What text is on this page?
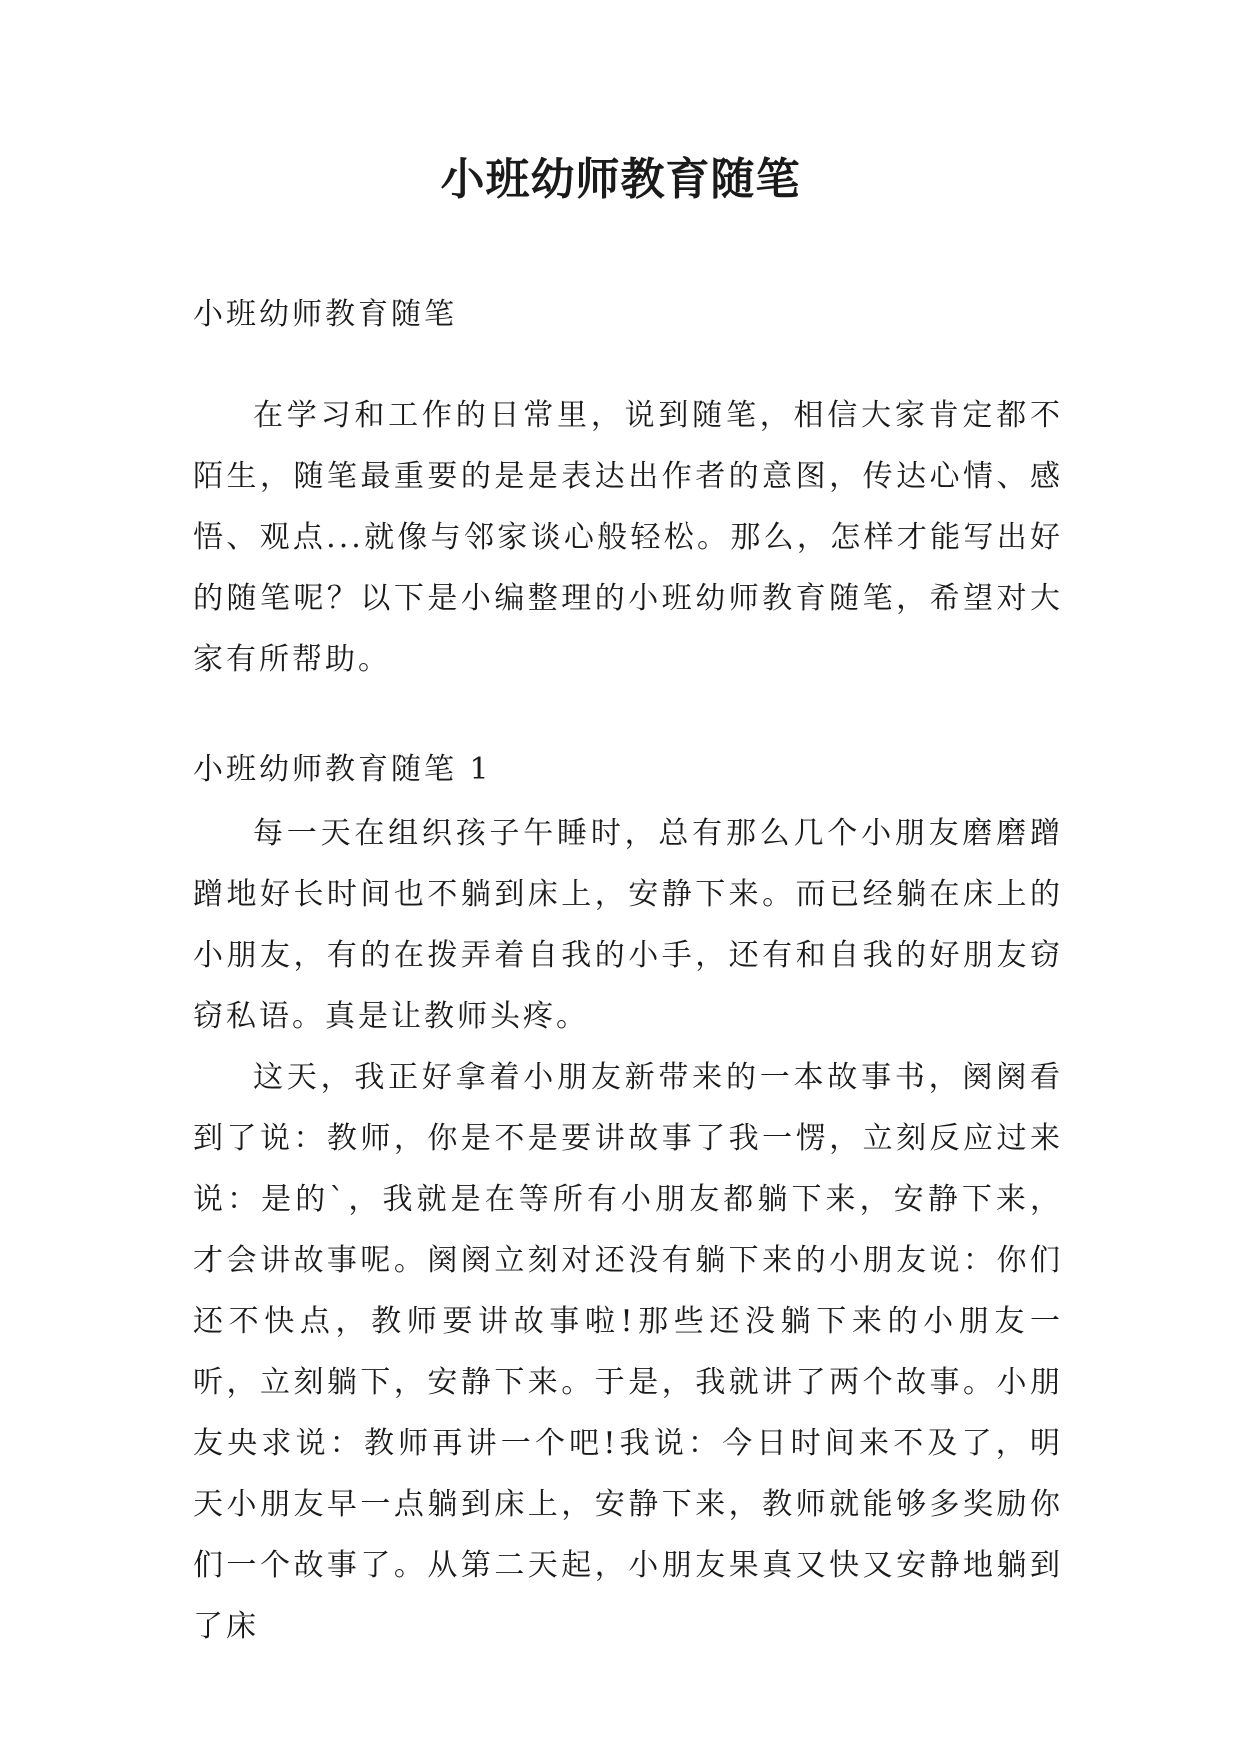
小班幼师教育随笔

小班幼师教育随笔

在学习和工作的日常里，说到随笔，相信大家肯定都不陌生，随笔最重要的是是表达出作者的意图，传达心情、感悟、观点...就像与邻家谈心般轻松。那么，怎样才能写出好的随笔呢？以下是小编整理的小班幼师教育随笔，希望对大家有所帮助。

小班幼师教育随笔 1

每一天在组织孩子午睡时，总有那么几个小朋友磨磨蹭蹭地好长时间也不躺到床上，安静下来。而已经躺在床上的小朋友，有的在拨弄着自我的小手，还有和自我的好朋友窃窃私语。真是让教师头疼。

这天，我正好拿着小朋友新带来的一本故事书，阕阕看到了说：教师，你是不是要讲故事了我一愣，立刻反应过来说：是的`，我就是在等所有小朋友都躺下来，安静下来，才会讲故事呢。阕阕立刻对还没有躺下来的小朋友说：你们还不快点，教师要讲故事啦!那些还没躺下来的小朋友一听，立刻躺下，安静下来。于是，我就讲了两个故事。小朋友央求说：教师再讲一个吧!我说：今日时间来不及了，明天小朋友早一点躺到床上，安静下来，教师就能够多奖励你们一个故事了。从第二天起，小朋友果真又快又安静地躺到了床
